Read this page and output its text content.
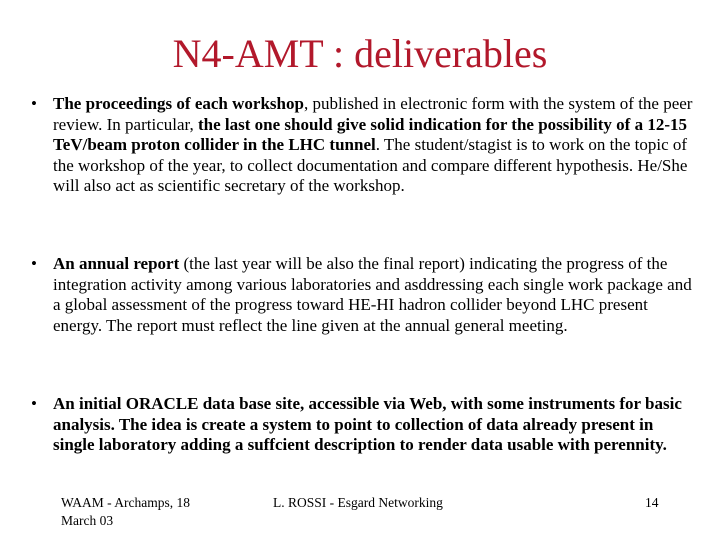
N4-AMT : deliverables
• The proceedings of each workshop, published in electronic form with the system of the peer review. In particular, the last one should give solid indication for the possibility of a 12-15 TeV/beam proton collider in the LHC tunnel. The student/stagist is to work on the topic of the workshop of the year, to collect documentation and compare different hypothesis. He/She will also act as scientific secretary of the workshop.

• An annual report (the last year will be also the final report) indicating the progress of the integration activity among various laboratories and asddressing each single work package and a global assessment of the progress toward HE-HI hadron collider beyond LHC present energy. The report must reflect the line given at the annual general meeting.

• An initial ORACLE data base site, accessible via Web, with some instruments for basic analysis. The idea is create a system to point to collection of data already present in single laboratory adding a suffcient description to render data usable with perennity.

WAAM - Archamps, 18
March 03
L. ROSSI - Esgard Networking	14
